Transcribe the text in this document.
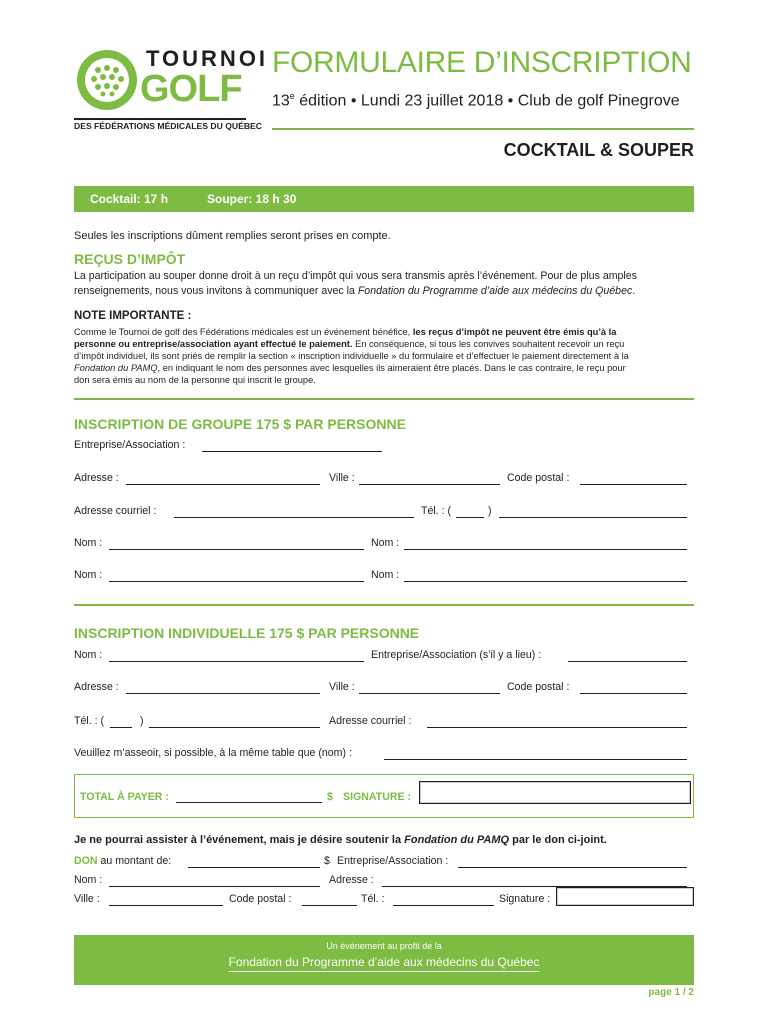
TOURNOI
GOLF
DES FÉDÉRATIONS MÉDICALES DU QUÉBEC
FORMULAIRE D’INSCRIPTION
13e édition • Lundi 23 juillet 2018 • Club de golf Pinegrove
COCKTAIL & SOUPER
Cocktail: 17 h	Souper: 18 h 30
Seules les inscriptions dûment remplies seront prises en compte.
REÇUS D’IMPÔT
La participation au souper donne droit à un reçu d’impôt qui vous sera transmis après l’événement. Pour de plus amples
renseignements, nous vous invitons à communiquer avec la Fondation du Programme d’aide aux médecins du Québec.
NOTE IMPORTANTE :
Comme le Tournoi de golf des Fédérations médicales est un événement bénéfice, les reçus d’impôt ne peuvent être émis qu’à la
personne ou entreprise/association ayant effectué le paiement. En conséquence, si tous les convives souhaitent recevoir un reçu
d’impôt individuel, ils sont priés de remplir la section « inscription individuelle » du formulaire et d’effectuer le paiement directement à la
Fondation du PAMQ, en indiquant le nom des personnes avec lesquelles ils aimeraient être placés. Dans le cas contraire, le reçu pour
don sera émis au nom de la personne qui inscrit le groupe.
INSCRIPTION DE GROUPE 175 $ PAR PERSONNE
Entreprise/Association :
Adresse :	Ville :	Code postal :
Adresse courriel :	Tél. : (	)
Nom :	Nom :
Nom :	Nom :
INSCRIPTION INDIVIDUELLE 175 $ PAR PERSONNE
Nom :	Entreprise/Association (s’il y a lieu) :
Adresse :	Ville :	Code postal :
Tél. : (	)	Adresse courriel :
Veuillez m’asseoir, si possible, à la même table que (nom) :
TOTAL À PAYER :	$ SIGNATURE :
Je ne pourrai assister à l’événement, mais je désire soutenir la Fondation du PAMQ par le don ci-joint.
DON au montant de:	$ Entreprise/Association :
Nom :	Adresse :
Ville :	Code postal :	Tél. :	Signature :
Un événement au profit de la
Fondation du Programme d’aide aux médecins du Québec
page 1 / 2
